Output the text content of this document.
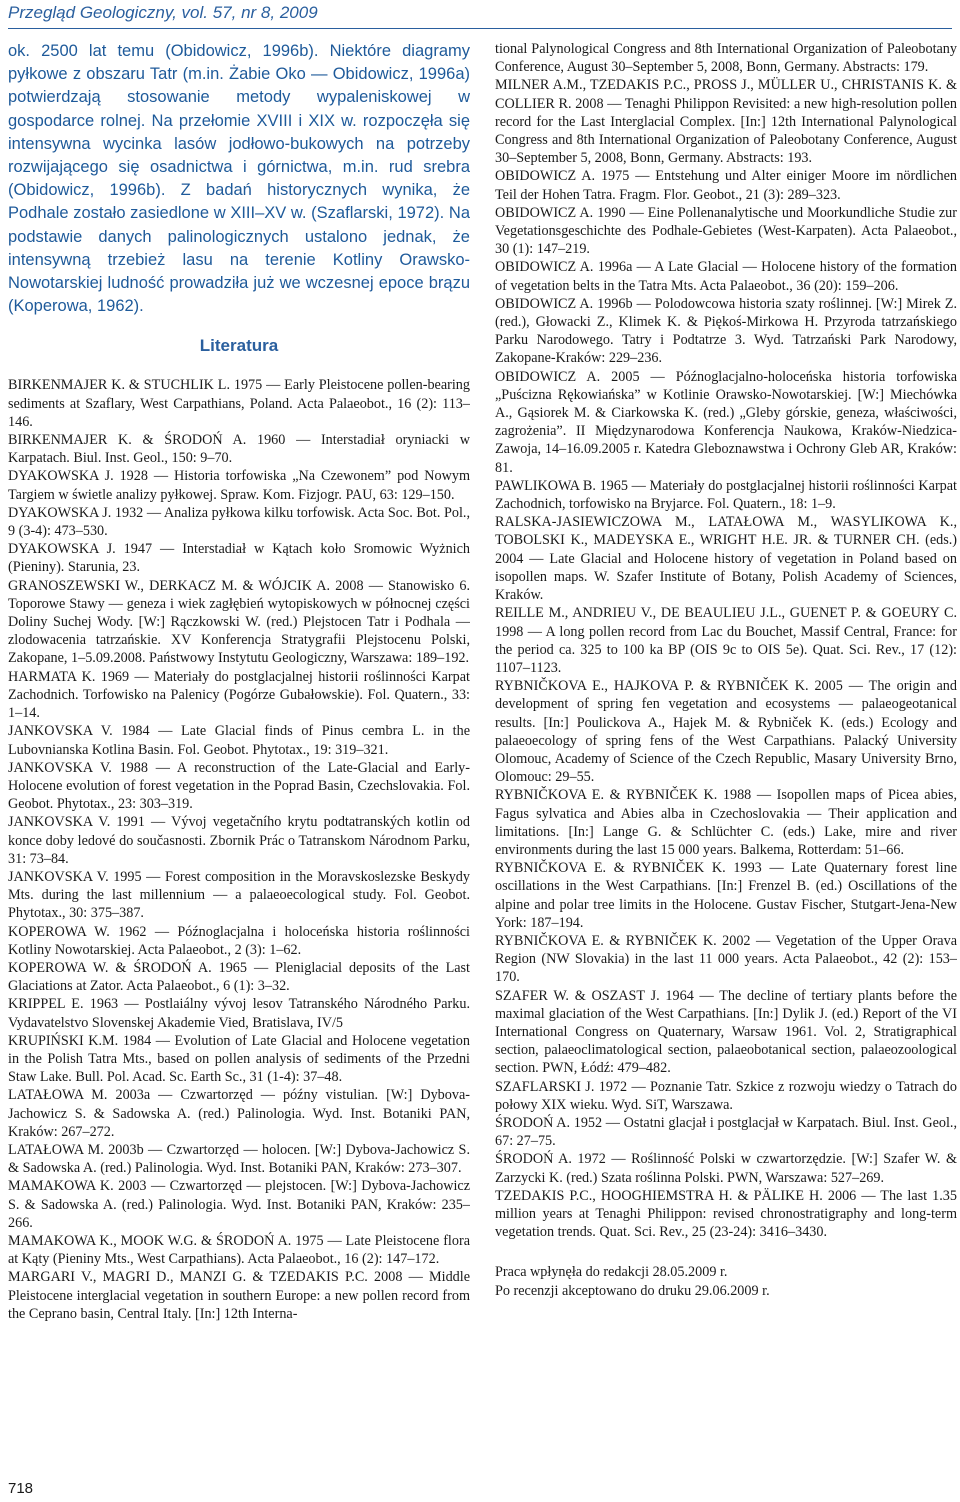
Przegląd Geologiczny, vol. 57, nr 8, 2009

ok. 2500 lat temu (Obidowicz, 1996b). Niektóre diagramy pyłkowe z obszaru Tatr (m.in. Żabie Oko — Obidowicz, 1996a) potwierdzają stosowanie metody wypaleniskowej w gospodarce rolnej. Na przełomie XVIII i XIX w. rozpoczęła się intensywna wycinka lasów jodłowo-bukowych na potrzeby rozwijającego się osadnictwa i górnictwa, m.in. rud srebra (Obidowicz, 1996b). Z badań historycznych wynika, że Podhale zostało zasiedlone w XIII–XV w. (Szaflarski, 1972). Na podstawie danych palinologicznych ustalono jednak, że intensywną trzebież lasu na terenie Kotliny Orawsko-Nowotarskiej ludność prowadziła już we wczesnej epoce brązu (Koperowa, 1962).

Literatura

BIRKENMAJER K. & STUCHLIK L. 1975 — Early Pleistocene pollen-bearing sediments at Szaflary, West Carpathians, Poland. Acta Palaeobot., 16 (2): 113–146.

BIRKENMAJER K. & ŚRODOŃ A. 1960 — Interstadiał oryniacki w Karpatach. Biul. Inst. Geol., 150: 9–70.

DYAKOWSKA J. 1928 — Historia torfowiska „Na Czewonem” pod Nowym Targiem w świetle analizy pyłkowej. Spraw. Kom. Fizjogr. PAU, 63: 129–150.

DYAKOWSKA J. 1932 — Analiza pyłkowa kilku torfowisk. Acta Soc. Bot. Pol., 9 (3-4): 473–530.

DYAKOWSKA J. 1947 — Interstadiał w Kątach koło Sromowic Wyżnich (Pieniny). Starunia, 23.

GRANOSZEWSKI W., DERKACZ M. & WÓJCIK A. 2008 — Stanowisko 6. Toporowe Stawy — geneza i wiek zagłębień wytopiskowych w północnej części Doliny Suchej Wody. [W:] Rączkowski W. (red.) Plejstocen Tatr i Podhala — zlodowacenia tatrzańskie. XV Konferencja Stratygrafii Plejstocenu Polski, Zakopane, 1–5.09.2008. Państwowy Instytutu Geologiczny, Warszawa: 189–192.

HARMATA K. 1969 — Materiały do postglacjalnej historii roślinności Karpat Zachodnich. Torfowisko na Palenicy (Pogórze Gubałowskie). Fol. Quatern., 33: 1–14.

JANKOVSKA V. 1984 — Late Glacial finds of Pinus cembra L. in the Lubovnianska Kotlina Basin. Fol. Geobot. Phytotax., 19: 319–321.

JANKOVSKA V. 1988 — A reconstruction of the Late-Glacial and Early-Holocene evolution of forest vegetation in the Poprad Basin, Czechslovakia. Fol. Geobot. Phytotax., 23: 303–319.

JANKOVSKA V. 1991 — Vývoj vegetačního krytu podtatranských kotlin od konce doby ledové do současnosti. Zbornik Prác o Tatranskom Národnom Parku, 31: 73–84.

JANKOVSKA V. 1995 — Forest composition in the Moravskoslezske Beskydy Mts. during the last millennium — a palaeoecological study. Fol. Geobot. Phytotax., 30: 375–387.

KOPEROWA W. 1962 — Późnoglacjalna i holoceńska historia roślinności Kotliny Nowotarskiej. Acta Palaeobot., 2 (3): 1–62.

KOPEROWA W. & ŚRODOŃ A. 1965 — Pleniglacial deposits of the Last Glaciations at Zator. Acta Palaeobot., 6 (1): 3–32.

KRIPPEL E. 1963 — Postlaiálny vývoj lesov Tatranského Národného Parku. Vydavatelstvo Slovenskej Akademie Vied, Bratislava, IV/5

KRUPIŃSKI K.M. 1984 — Evolution of Late Glacial and Holocene vegetation in the Polish Tatra Mts., based on pollen analysis of sediments of the Przedni Staw Lake. Bull. Pol. Acad. Sc. Earth Sc., 31 (1-4): 37–48.

LATAŁOWA M. 2003a — Czwartorzęd — późny vistulian. [W:] Dybova-Jachowicz S. & Sadowska A. (red.) Palinologia. Wyd. Inst. Botaniki PAN, Kraków: 267–272.

LATAŁOWA M. 2003b — Czwartorzęd — holocen. [W:] Dybova-Jachowicz S. & Sadowska A. (red.) Palinologia. Wyd. Inst. Botaniki PAN, Kraków: 273–307.

MAMAKOWA K. 2003 — Czwartorzęd — plejstocen. [W:] Dybova-Jachowicz S. & Sadowska A. (red.) Palinologia. Wyd. Inst. Botaniki PAN, Kraków: 235–266.

MAMAKOWA K., MOOK W.G. & ŚRODOŃ A. 1975 — Late Pleistocene flora at Kąty (Pieniny Mts., West Carpathians). Acta Palaeobot., 16 (2): 147–172.

MARGARI V., MAGRI D., MANZI G. & TZEDAKIS P.C. 2008 — Middle Pleistocene interglacial vegetation in southern Europe: a new pollen record from the Ceprano basin, Central Italy. [In:] 12th Interna-

tional Palynological Congress and 8th International Organization of Paleobotany Conference, August 30–September 5, 2008, Bonn, Germany. Abstracts: 179.

MILNER A.M., TZEDAKIS P.C., PROSS J., MÜLLER U., CHRISTANIS K. & COLLIER R. 2008 — Tenaghi Philippon Revisited: a new high-resolution pollen record for the Last Interglacial Complex. [In:] 12th International Palynological Congress and 8th International Organization of Paleobotany Conference, August 30–September 5, 2008, Bonn, Germany. Abstracts: 193.

OBIDOWICZ A. 1975 — Entstehung und Alter einiger Moore im nördlichen Teil der Hohen Tatra. Fragm. Flor. Geobot., 21 (3): 289–323.

OBIDOWICZ A. 1990 — Eine Pollenanalytische und Moorkundliche Studie zur Vegetationsgeschichte des Podhale-Gebietes (West-Karpaten). Acta Palaeobot., 30 (1): 147–219.

OBIDOWICZ A. 1996a — A Late Glacial — Holocene history of the formation of vegetation belts in the Tatra Mts. Acta Palaeobot., 36 (20): 159–206.

OBIDOWICZ A. 1996b — Polodowcowa historia szaty roślinnej. [W:] Mirek Z. (red.), Głowacki Z., Klimek K. & Piękoś-Mirkowa H. Przyroda tatrzańskiego Parku Narodowego. Tatry i Podtatrze 3. Wyd. Tatrzański Park Narodowy, Zakopane-Kraków: 229–236.

OBIDOWICZ A. 2005 — Późnoglacjalno-holoceńska historia torfowiska „Puścizna Rękowiańska” w Kotlinie Orawsko-Nowotarskiej. [W:] Miechówka A., Gąsiorek M. & Ciarkowska K. (red.) „Gleby górskie, geneza, właściwości, zagrożenia”. II Międzynarodowa Konferencja Naukowa, Kraków-Niedzica-Zawoja, 14–16.09.2005 r. Katedra Gleboznawstwa i Ochrony Gleb AR, Kraków: 81.

PAWLIKOWA B. 1965 — Materiały do postglacjalnej historii roślinności Karpat Zachodnich, torfowisko na Bryjarce. Fol. Quatern., 18: 1–9.

RALSKA-JASIEWICZOWA M., LATAŁOWA M., WASYLIKOWA K., TOBOLSKI K., MADEYSKA E., WRIGHT H.E. JR. & TURNER CH. (eds.) 2004 — Late Glacial and Holocene history of vegetation in Poland based on isopollen maps. W. Szafer Institute of Botany, Polish Academy of Sciences, Kraków.

REILLE M., ANDRIEU V., DE BEAULIEU J.L., GUENET P. & GOEURY C. 1998 — A long pollen record from Lac du Bouchet, Massif Central, France: for the period ca. 325 to 100 ka BP (OIS 9c to OIS 5e). Quat. Sci. Rev., 17 (12): 1107–1123.

RYBNIČKOVA E., HAJKOVA P. & RYBNIČEK K. 2005 — The origin and development of spring fen vegetation and ecosystems — palaeogeotanical results. [In:] Poulickova A., Hajek M. & Rybniček K. (eds.) Ecology and palaeoecology of spring fens of the West Carpathians. Palacký University Olomouc, Academy of Science of the Czech Republic, Masary University Brno, Olomouc: 29–55.

RYBNIČKOVA E. & RYBNIČEK K. 1988 — Isopollen maps of Picea abies, Fagus sylvatica and Abies alba in Czechoslovakia — Their application and limitations. [In:] Lange G. & Schlüchter C. (eds.) Lake, mire and river environments during the last 15 000 years. Balkema, Rotterdam: 51–66.

RYBNIČKOVA E. & RYBNIČEK K. 1993 — Late Quaternary forest line oscillations in the West Carpathians. [In:] Frenzel B. (ed.) Oscillations of the alpine and polar tree limits in the Holocene. Gustav Fischer, Stutgart-Jena-New York: 187–194.

RYBNIČKOVA E. & RYBNIČEK K. 2002 — Vegetation of the Upper Orava Region (NW Slovakia) in the last 11 000 years. Acta Palaeobot., 42 (2): 153–170.

SZAFER W. & OSZAST J. 1964 — The decline of tertiary plants before the maximal glaciation of the West Carpathians. [In:] Dylik J. (ed.) Report of the VI International Congress on Quaternary, Warsaw 1961. Vol. 2, Stratigraphical section, palaeoclimatological section, palaeobotanical section, palaeozoological section. PWN, Łódź: 479–482.

SZAFLARSKI J. 1972 — Poznanie Tatr. Szkice z rozwoju wiedzy o Tatrach do połowy XIX wieku. Wyd. SiT, Warszawa.

ŚRODOŃ A. 1952 — Ostatni glacjał i postglacjał w Karpatach. Biul. Inst. Geol., 67: 27–75.

ŚRODOŃ A. 1972 — Roślinność Polski w czwartorzędzie. [W:] Szafer W. & Zarzycki K. (red.) Szata roślinna Polski. PWN, Warszawa: 527–269.

TZEDAKIS P.C., HOOGHIEMSTRA H. & PÄLIKE H. 2006 — The last 1.35 million years at Tenaghi Philippon: revised chronostratigraphy and long-term vegetation trends. Quat. Sci. Rev., 25 (23-24): 3416–3430.

Praca wpłynęła do redakcji 28.05.2009 r.

Po recenzji akceptowano do druku 29.06.2009 r.

718
